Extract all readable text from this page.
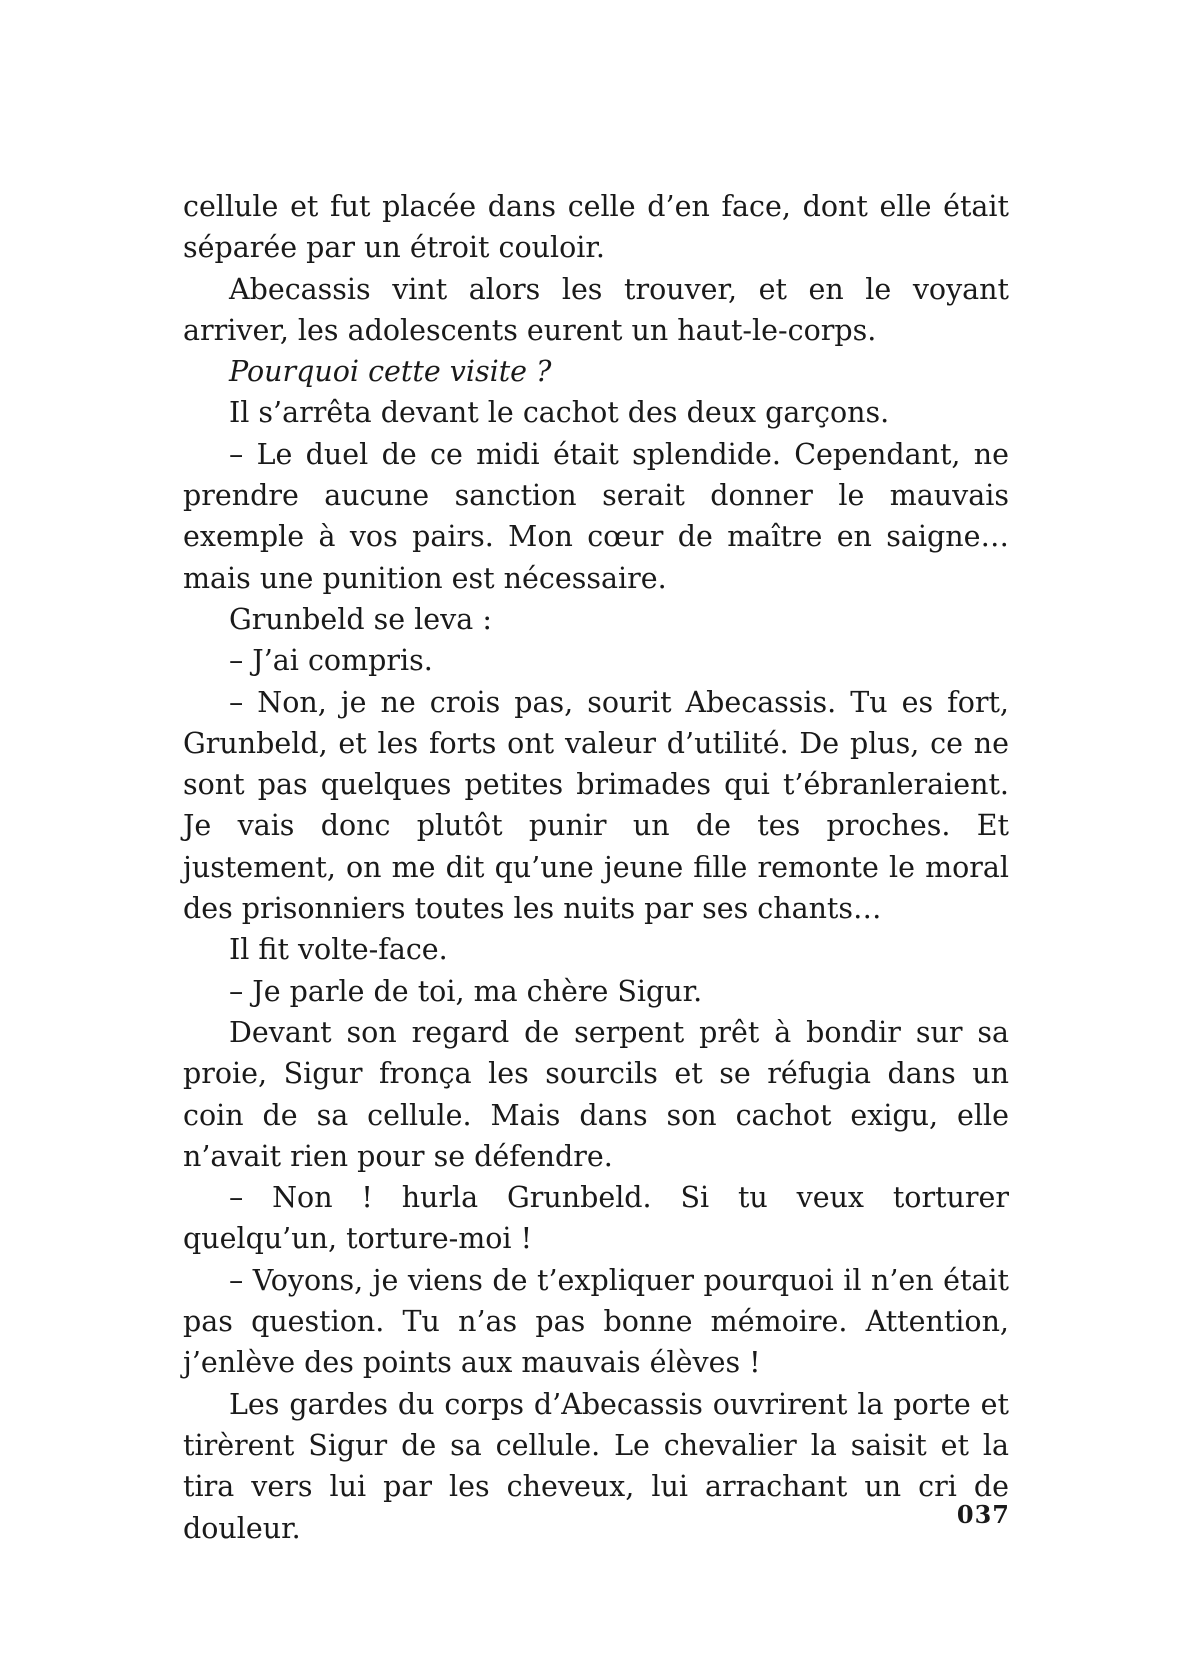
cellule et fut placée dans celle d’en face, dont elle était séparée par un étroit couloir.

Abecassis vint alors les trouver, et en le voyant arriver, les adolescents eurent un haut-le-corps.

Pourquoi cette visite ?

Il s’arrêta devant le cachot des deux garçons.

– Le duel de ce midi était splendide. Cependant, ne prendre aucune sanction serait donner le mauvais exemple à vos pairs. Mon cœur de maître en saigne… mais une punition est nécessaire.

Grunbeld se leva :

– J’ai compris.

– Non, je ne crois pas, sourit Abecassis. Tu es fort, Grunbeld, et les forts ont valeur d’utilité. De plus, ce ne sont pas quelques petites brimades qui t’ébranleraient. Je vais donc plutôt punir un de tes proches. Et justement, on me dit qu’une jeune fille remonte le moral des prisonniers toutes les nuits par ses chants…

Il fit volte-face.

– Je parle de toi, ma chère Sigur.

Devant son regard de serpent prêt à bondir sur sa proie, Sigur fronça les sourcils et se réfugia dans un coin de sa cellule. Mais dans son cachot exigu, elle n’avait rien pour se défendre.

– Non ! hurla Grunbeld. Si tu veux torturer quelqu’un, torture-moi !

– Voyons, je viens de t’expliquer pourquoi il n’en était pas question. Tu n’as pas bonne mémoire. Attention, j’enlève des points aux mauvais élèves !

Les gardes du corps d’Abecassis ouvrirent la porte et tirèrent Sigur de sa cellule. Le chevalier la saisit et la tira vers lui par les cheveux, lui arrachant un cri de douleur.	037
